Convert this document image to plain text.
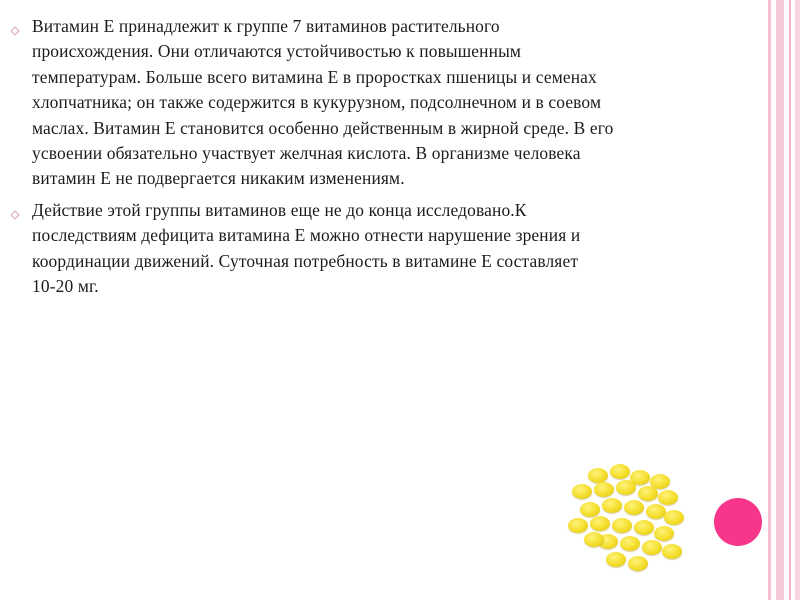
Витамин Е принадлежит к группе 7 витаминов растительного
происхождения. Они отличаются устойчивостью к повышенным
температурам. Больше всего витамина Е в проростках пшеницы и семенах
хлопчатника; он также содержится в кукурузном, подсолнечном и в соевом
маслах. Витамин Е становится особенно действенным в жирной среде. В его
усвоении обязательно участвует желчная кислота. В организме человека
витамин Е не подвергается никаким изменениям.
Действие этой группы витаминов еще не до конца исследовано.К
последствиям дефицита витамина Е можно отнести нарушение зрения и
координации движений. Суточная потребность в витамине Е составляет
10-20 мг.
